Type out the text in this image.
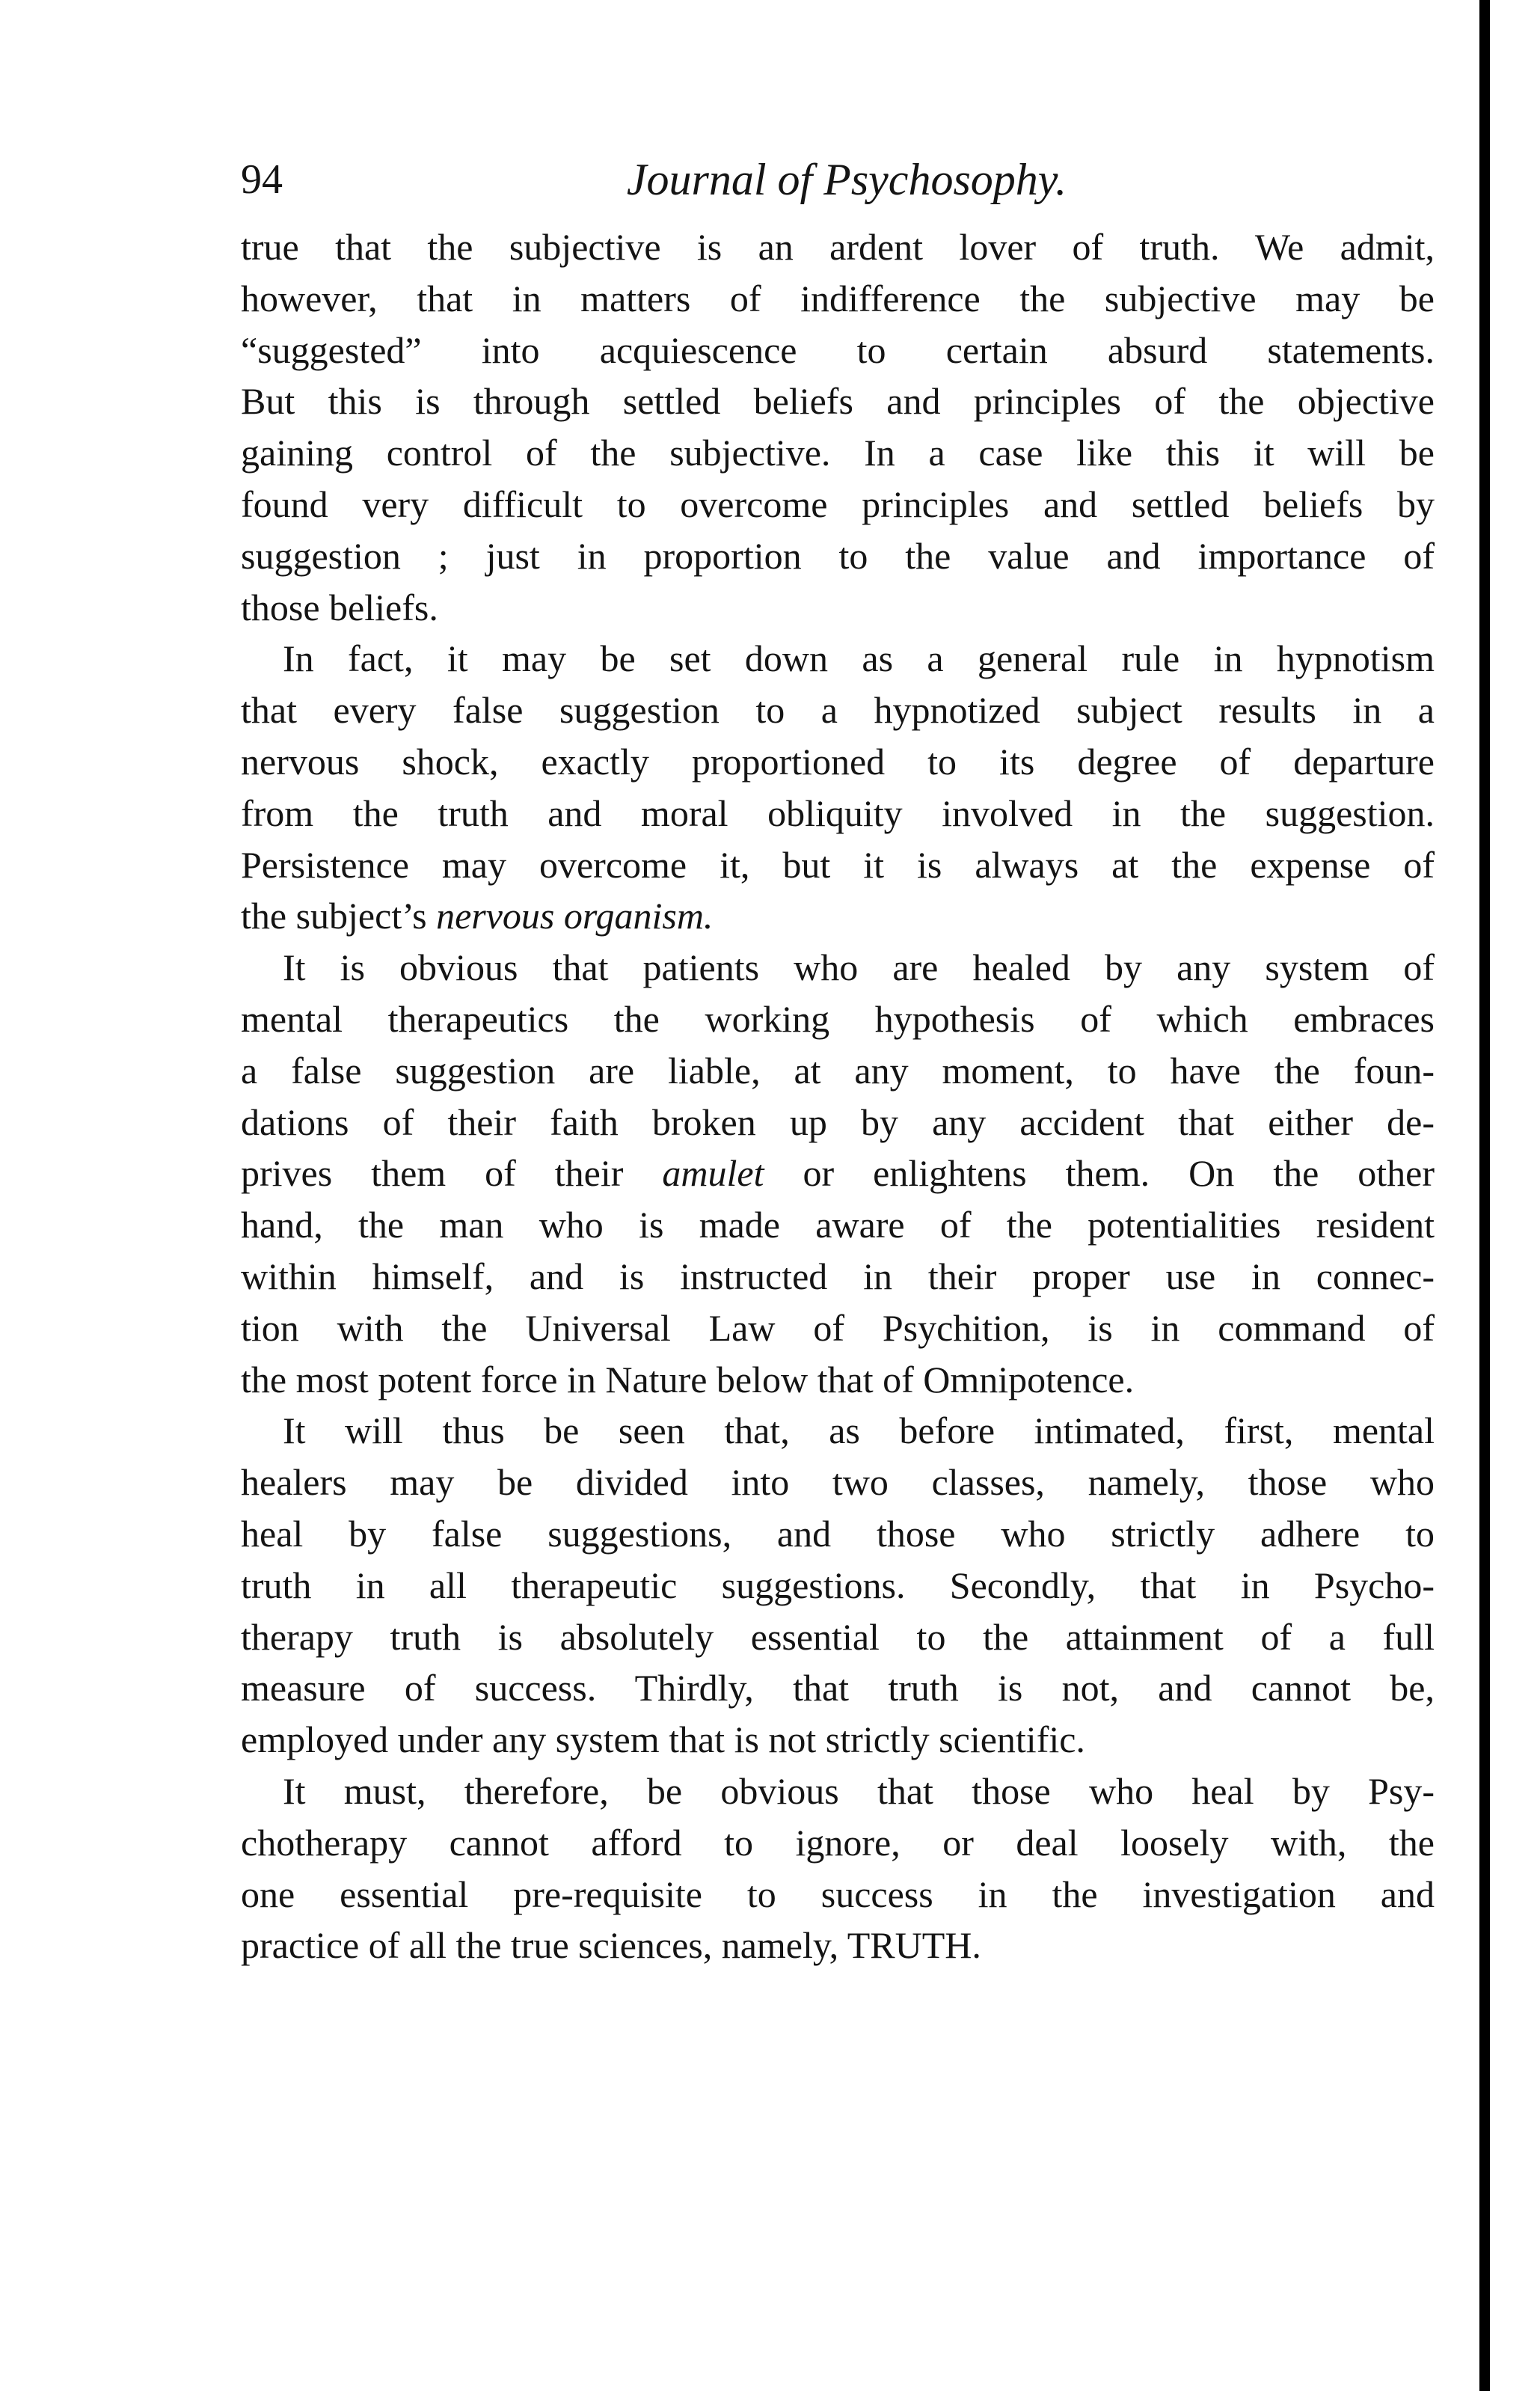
94	Journal of Psychosophy.
true that the subjective is an ardent lover of truth. We admit,
however, that in matters of indifference the subjective may be
“suggested” into acquiescence to certain absurd statements.
But this is through settled beliefs and principles of the objective
gaining control of the subjective. In a case like this it will be
found very difficult to overcome principles and settled beliefs by
suggestion ; just in proportion to the value and importance of
those beliefs.
In fact, it may be set down as a general rule in hypnotism
that every false suggestion to a hypnotized subject results in a
nervous shock, exactly proportioned to its degree of departure
from the truth and moral obliquity involved in the suggestion.
Persistence may overcome it, but it is always at the expense of
the subject’s nervous organism.
It is obvious that patients who are healed by any system of
mental therapeutics the working hypothesis of which embraces
a false suggestion are liable, at any moment, to have the foun-
dations of their faith broken up by any accident that either de-
prives them of their amulet or enlightens them. On the other
hand, the man who is made aware of the potentialities resident
within himself, and is instructed in their proper use in connec-
tion with the Universal Law of Psychition, is in command of
the most potent force in Nature below that of Omnipotence.
It will thus be seen that, as before intimated, first, mental
healers may be divided into two classes, namely, those who
heal by false suggestions, and those who strictly adhere to
truth in all therapeutic suggestions. Secondly, that in Psycho-
therapy truth is absolutely essential to the attainment of a full
measure of success. Thirdly, that truth is not, and cannot be,
employed under any system that is not strictly scientific.
It must, therefore, be obvious that those who heal by Psy-
chotherapy cannot afford to ignore, or deal loosely with, the
one essential pre-requisite to success in the investigation and
practice of all the true sciences, namely, TRUTH.
